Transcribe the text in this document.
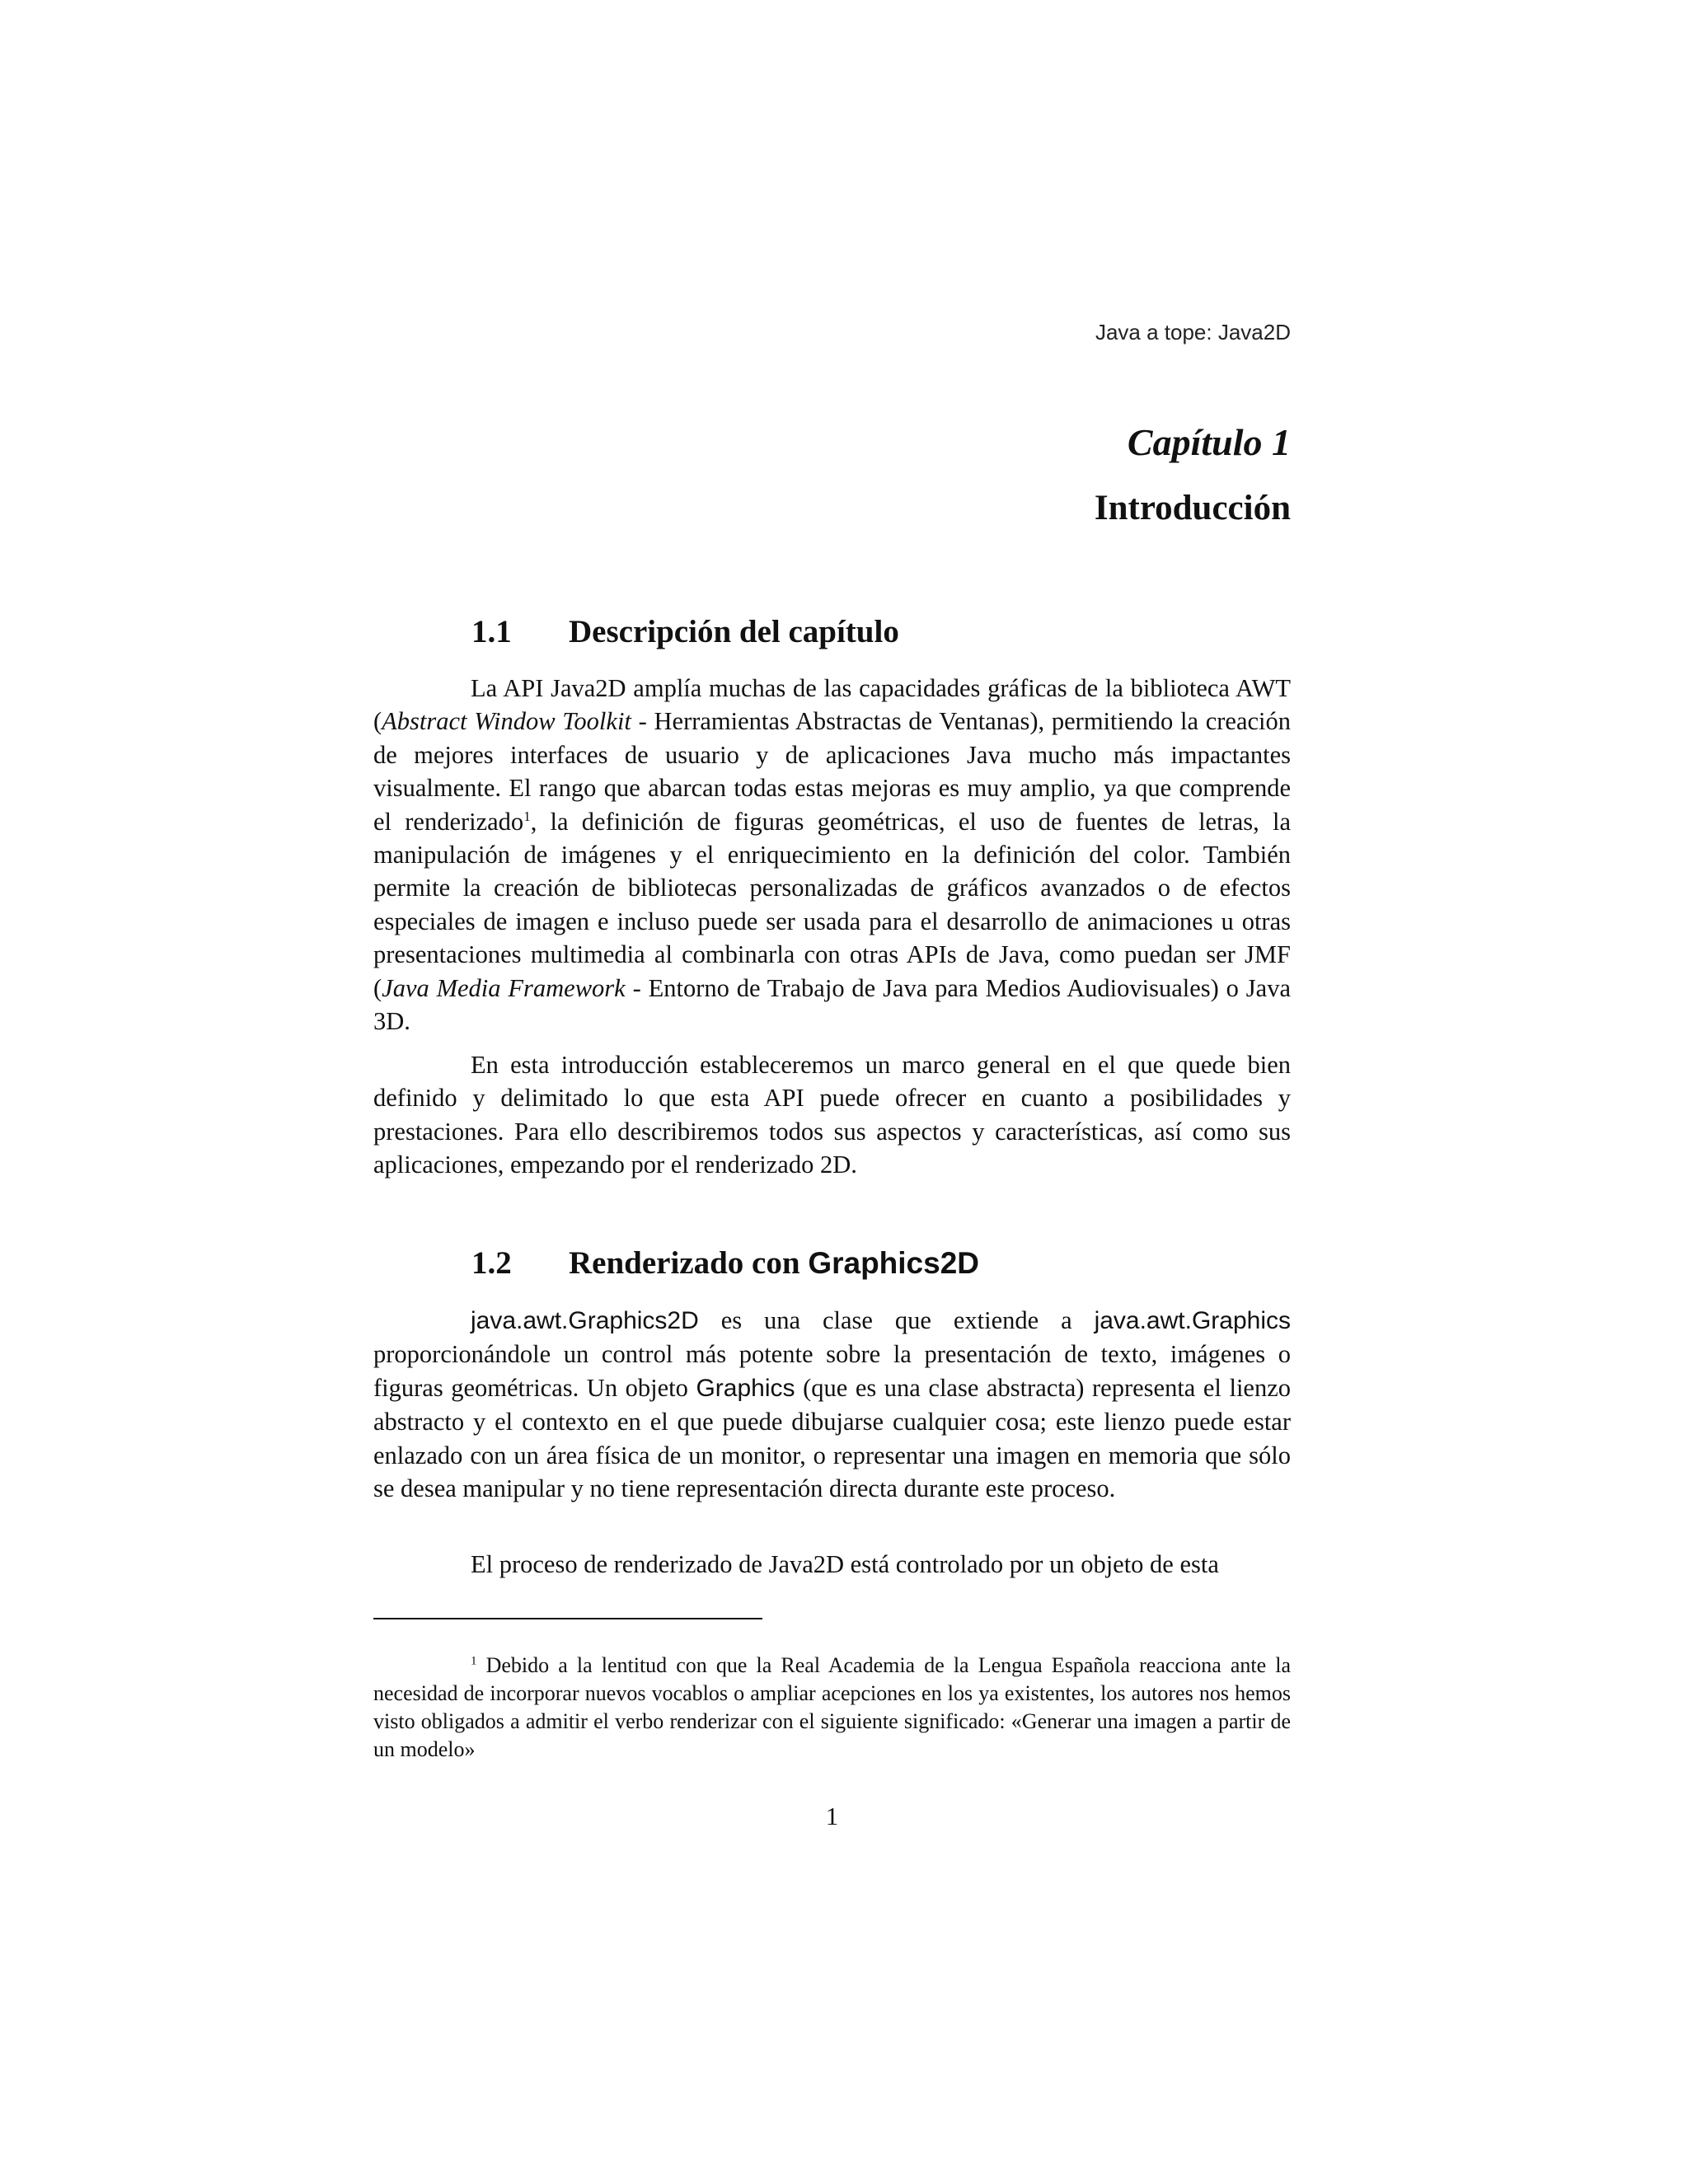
Java a tope: Java2D
Capítulo 1
Introducción
1.1 Descripción del capítulo

La API Java2D amplía muchas de las capacidades gráficas de la biblioteca AWT (Abstract Window Toolkit - Herramientas Abstractas de Ventanas), permitiendo la creación de mejores interfaces de usuario y de aplicaciones Java mucho más impactantes visualmente. El rango que abarcan todas estas mejoras es muy amplio, ya que comprende el renderizado$^1$, la definición de figuras geométricas, el uso de fuentes de letras, la manipulación de imágenes y el enriquecimiento en la definición del color. También permite la creación de bibliotecas personalizadas de gráficos avanzados o de efectos especiales de imagen e incluso puede ser usada para el desarrollo de animaciones u otras presentaciones multimedia al combinarla con otras APIs de Java, como puedan ser JMF (Java Media Framework - Entorno de Trabajo de Java para Medios Audiovisuales) o Java 3D.

En esta introducción estableceremos un marco general en el que quede bien definido y delimitado lo que esta API puede ofrecer en cuanto a posibilidades y prestaciones. Para ello describiremos todos sus aspectos y características, así como sus aplicaciones, empezando por el renderizado 2D.

1.2 Renderizado con Graphics2D

java.awt.Graphics2D es una clase que extiende a java.awt.Graphics proporcionándole un control más potente sobre la presentación de texto, imágenes o figuras geométricas. Un objeto Graphics (que es una clase abstracta) representa el lienzo abstracto y el contexto en el que puede dibujarse cualquier cosa; este lienzo puede estar enlazado con un área física de un monitor, o representar una imagen en memoria que sólo se desea manipular y no tiene representación directa durante este proceso.

El proceso de renderizado de Java2D está controlado por un objeto de esta

$^1$ Debido a la lentitud con que la Real Academia de la Lengua Española reacciona ante la necesidad de incorporar nuevos vocablos o ampliar acepciones en los ya existentes, los autores nos hemos visto obligados a admitir el verbo renderizar con el siguiente significado: «Generar una imagen a partir de un modelo»

1
